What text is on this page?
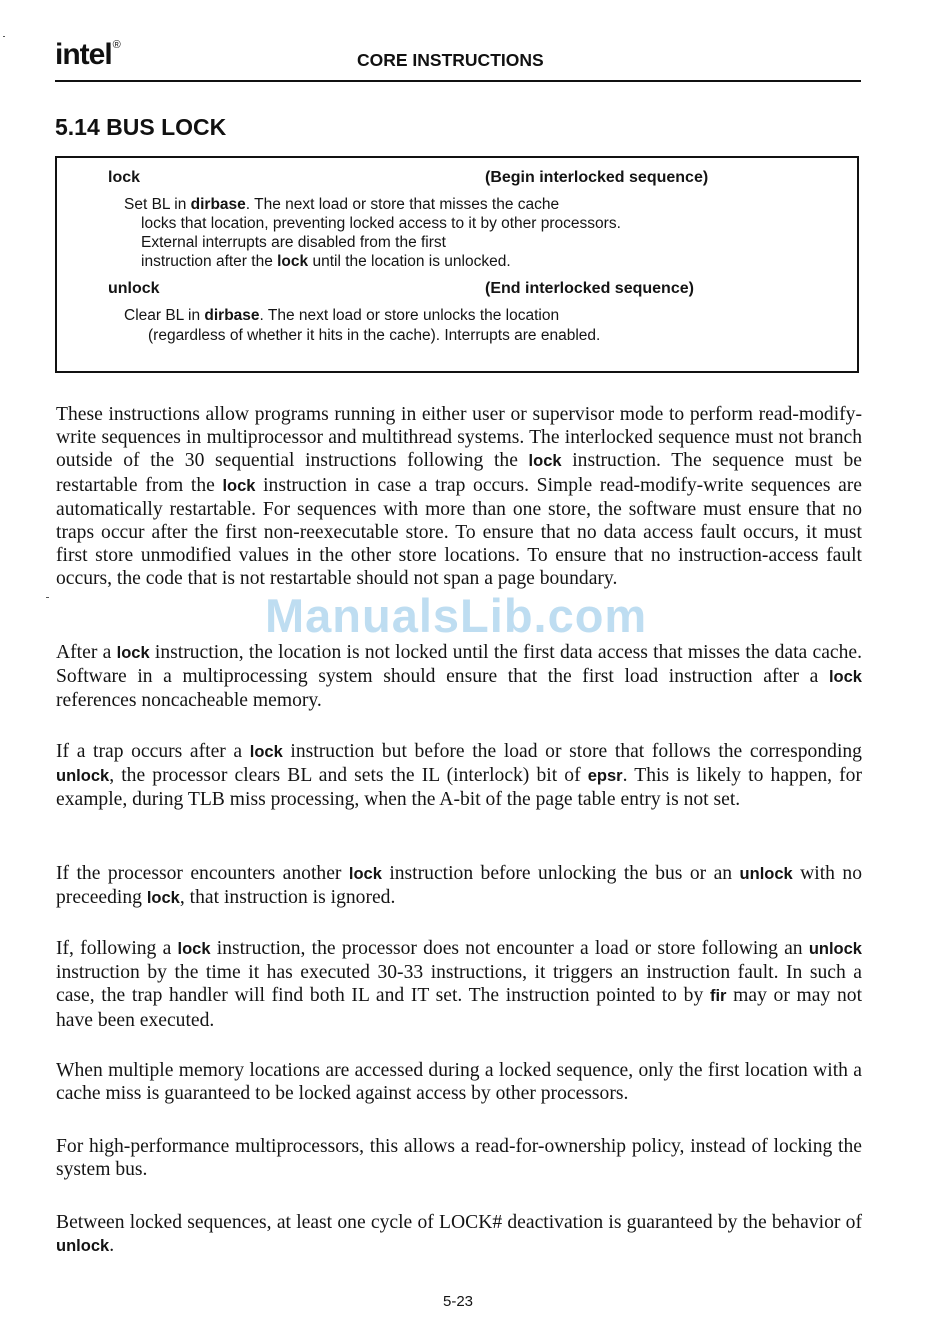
intel®
CORE INSTRUCTIONS
5.14 BUS LOCK
lock	(Begin interlocked sequence)
Set BL in dirbase. The next load or store that misses the cache
locks that location, preventing locked access to it by other processors.
External interrupts are disabled from the first
instruction after the lock until the location is unlocked.
unlock	(End interlocked sequence)
Clear BL in dirbase. The next load or store unlocks the location
(regardless of whether it hits in the cache). Interrupts are enabled.
These instructions allow programs running in either user or supervisor mode to perform read-modify-write sequences in multiprocessor and multithread systems. The interlocked sequence must not branch outside of the 30 sequential instructions following the lock instruction. The sequence must be restartable from the lock instruction in case a trap occurs. Simple read-modify-write sequences are automatically restartable. For sequences with more than one store, the software must ensure that no traps occur after the first non-reexecutable store. To ensure that no data access fault occurs, it must first store unmodified values in the other store locations. To ensure that no instruction-access fault occurs, the code that is not restartable should not span a page boundary.
After a lock instruction, the location is not locked until the first data access that misses the data cache. Software in a multiprocessing system should ensure that the first load instruction after a lock references noncacheable memory.
If a trap occurs after a lock instruction but before the load or store that follows the corresponding unlock, the processor clears BL and sets the IL (interlock) bit of epsr. This is likely to happen, for example, during TLB miss processing, when the A-bit of the page table entry is not set.
If the processor encounters another lock instruction before unlocking the bus or an unlock with no preceeding lock, that instruction is ignored.
If, following a lock instruction, the processor does not encounter a load or store following an unlock instruction by the time it has executed 30-33 instructions, it triggers an instruction fault. In such a case, the trap handler will find both IL and IT set. The instruction pointed to by fir may or may not have been executed.
When multiple memory locations are accessed during a locked sequence, only the first location with a cache miss is guaranteed to be locked against access by other processors.
For high-performance multiprocessors, this allows a read-for-ownership policy, instead of locking the system bus.
Between locked sequences, at least one cycle of LOCK# deactivation is guaranteed by the behavior of unlock.
ManualsLib.com
5-23
